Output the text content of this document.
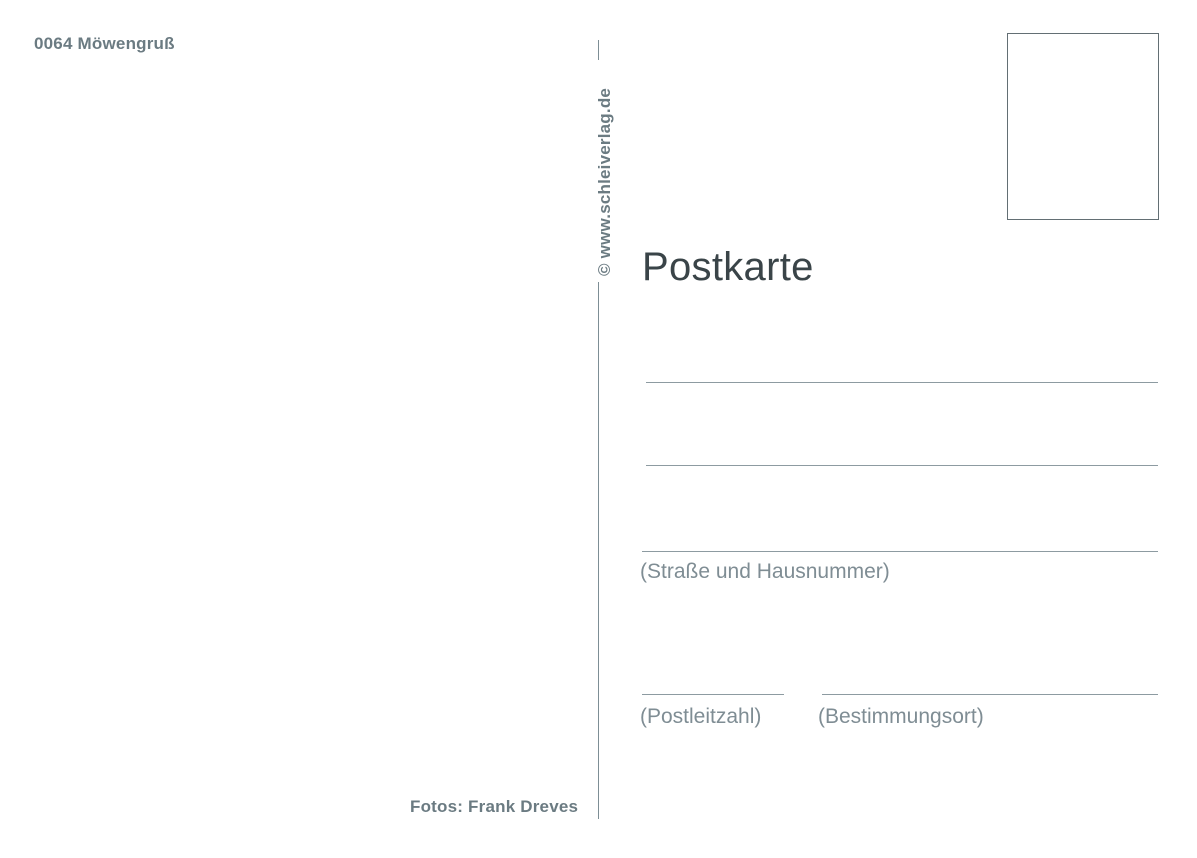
0064 Möwengruß
Fotos: Frank Dreves
© www.schleiverlag.de Postkarte
(Straße und Hausnummer)
(Postleitzahl)	(Bestimmungsort)
